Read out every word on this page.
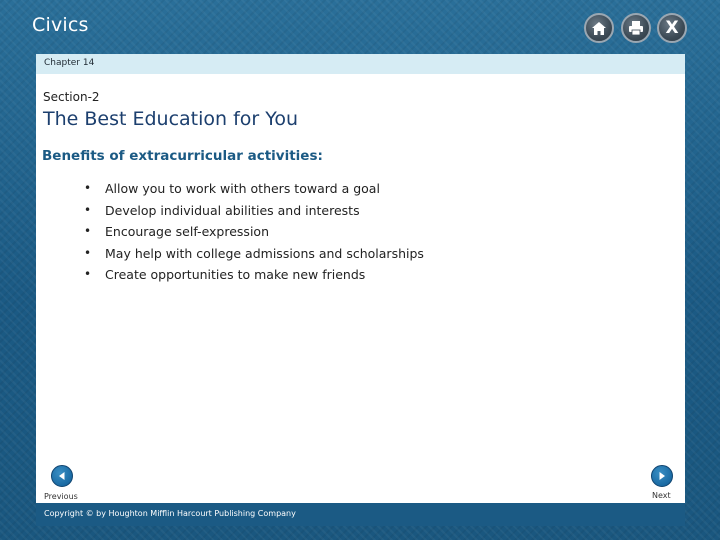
Civics	X
Chapter 14
Section-2
The Best Education for You
Benefits of extracurricular activities:
• Allow you to work with others toward a goal
• Develop individual abilities and interests
• Encourage self-expression
• May help with college admissions and scholarships
• Create opportunities to make new friends
Previous	Next
Copyright © by Houghton Mifflin Harcourt Publishing Company
